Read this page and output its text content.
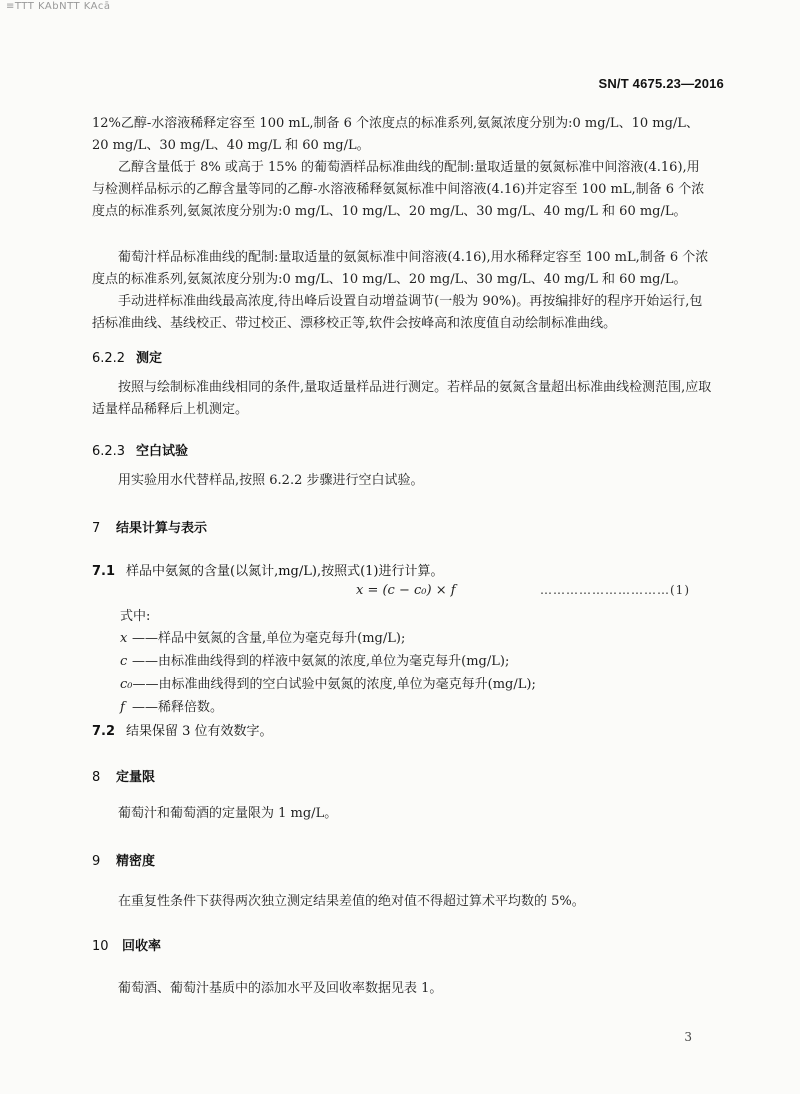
≡TTT KAbNTT KAcā
SN/T 4675.23—2016
12%乙醇-水溶液稀释定容至 100 mL,制备 6 个浓度点的标准系列,氨氮浓度分别为:0 mg/L、10 mg/L、20 mg/L、30 mg/L、40 mg/L 和 60 mg/L。
乙醇含量低于 8% 或高于 15% 的葡萄酒样品标准曲线的配制:量取适量的氨氮标准中间溶液(4.16),用与检测样品标示的乙醇含量等同的乙醇-水溶液稀释氨氮标准中间溶液(4.16)并定容至 100 mL,制备 6 个浓度点的标准系列,氨氮浓度分别为:0 mg/L、10 mg/L、20 mg/L、30 mg/L、40 mg/L 和 60 mg/L。
葡萄汁样品标准曲线的配制:量取适量的氨氮标准中间溶液(4.16),用水稀释定容至 100 mL,制备 6 个浓度点的标准系列,氨氮浓度分别为:0 mg/L、10 mg/L、20 mg/L、30 mg/L、40 mg/L 和 60 mg/L。
手动进样标准曲线最高浓度,待出峰后设置自动增益调节(一般为 90%)。再按编排好的程序开始运行,包括标准曲线、基线校正、带过校正、漂移校正等,软件会按峰高和浓度值自动绘制标准曲线。
6.2.2 测定
按照与绘制标准曲线相同的条件,量取适量样品进行测定。若样品的氨氮含量超出标准曲线检测范围,应取适量样品稀释后上机测定。
6.2.3 空白试验
用实验用水代替样品,按照 6.2.2 步骤进行空白试验。
7 结果计算与表示
7.1 样品中氨氮的含量(以氮计,mg/L),按照式(1)进行计算。
x = (c − c₀) × f	…………………………(1)
式中:
x ——样品中氨氮的含量,单位为毫克每升(mg/L);
c ——由标准曲线得到的样液中氨氮的浓度,单位为毫克每升(mg/L);
c₀——由标准曲线得到的空白试验中氨氮的浓度,单位为毫克每升(mg/L);
f ——稀释倍数。
7.2 结果保留 3 位有效数字。
8 定量限
葡萄汁和葡萄酒的定量限为 1 mg/L。
9 精密度
在重复性条件下获得两次独立测定结果差值的绝对值不得超过算术平均数的 5%。
10 回收率
葡萄酒、葡萄汁基质中的添加水平及回收率数据见表 1。
3
